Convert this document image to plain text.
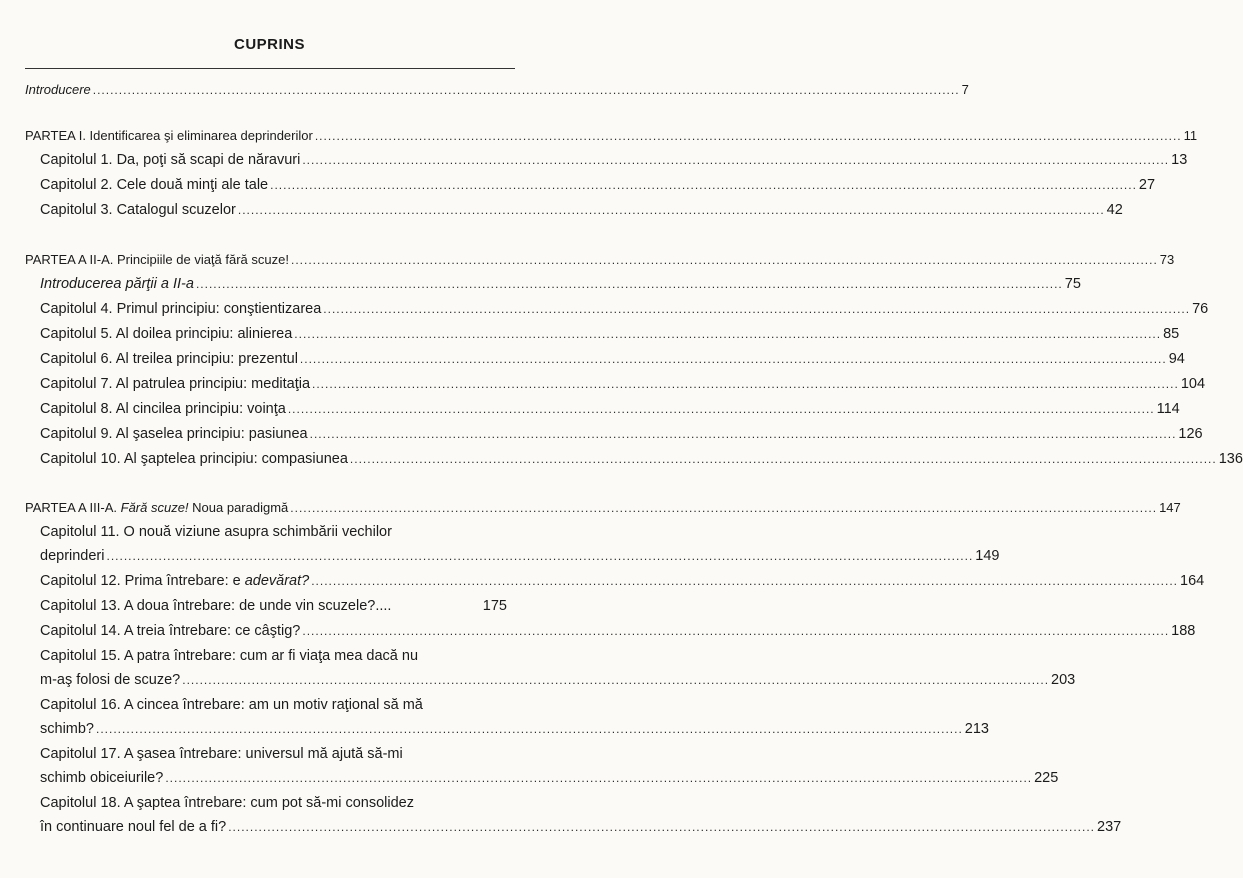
CUPRINS
Introducere ........................................................................................................................................................................................................ 7
PARTEA I. Identificarea şi eliminarea deprinderilor ........................................................................................................................................................................................................ 11
Capitolul 1. Da, poţi să scapi de năravuri ........................................................................................................................................................................................................ 13
Capitolul 2. Cele două minţi ale tale ........................................................................................................................................................................................................ 27
Capitolul 3. Catalogul scuzelor ........................................................................................................................................................................................................ 42
PARTEA A II-A. Principiile de viaţă fără scuze! ........................................................................................................................................................................................................ 73
Introducerea părţii a II-a ........................................................................................................................................................................................................ 75
Capitolul 4. Primul principiu: conştientizarea ........................................................................................................................................................................................................ 76
Capitolul 5. Al doilea principiu: alinierea ........................................................................................................................................................................................................ 85
Capitolul 6. Al treilea principiu: prezentul ........................................................................................................................................................................................................ 94
Capitolul 7. Al patrulea principiu: meditaţia ........................................................................................................................................................................................................ 104
Capitolul 8. Al cincilea principiu: voinţa ........................................................................................................................................................................................................ 114
Capitolul 9. Al şaselea principiu: pasiunea ........................................................................................................................................................................................................ 126
Capitolul 10. Al şaptelea principiu: compasiunea ........................................................................................................................................................................................................ 136
PARTEA A III-A. Fără scuze! Noua paradigmă ........................................................................................................................................................................................................ 147
Capitolul 11. O nouă viziune asupra schimbării vechilor
deprinderi ........................................................................................................................................................................................................ 149
Capitolul 12. Prima întrebare: e adevărat? ........................................................................................................................................................................................................ 164
Capitolul 13. A doua întrebare: de unde vin scuzele?....	175
Capitolul 14. A treia întrebare: ce câştig? ........................................................................................................................................................................................................ 188
Capitolul 15. A patra întrebare: cum ar fi viaţa mea dacă nu
m-aş folosi de scuze? ........................................................................................................................................................................................................ 203
Capitolul 16. A cincea întrebare: am un motiv raţional să mă
schimb? ........................................................................................................................................................................................................ 213
Capitolul 17. A şasea întrebare: universul mă ajută să-mi
schimb obiceiurile? ........................................................................................................................................................................................................ 225
Capitolul 18. A şaptea întrebare: cum pot să-mi consolidez
în continuare noul fel de a fi? ........................................................................................................................................................................................................ 237
